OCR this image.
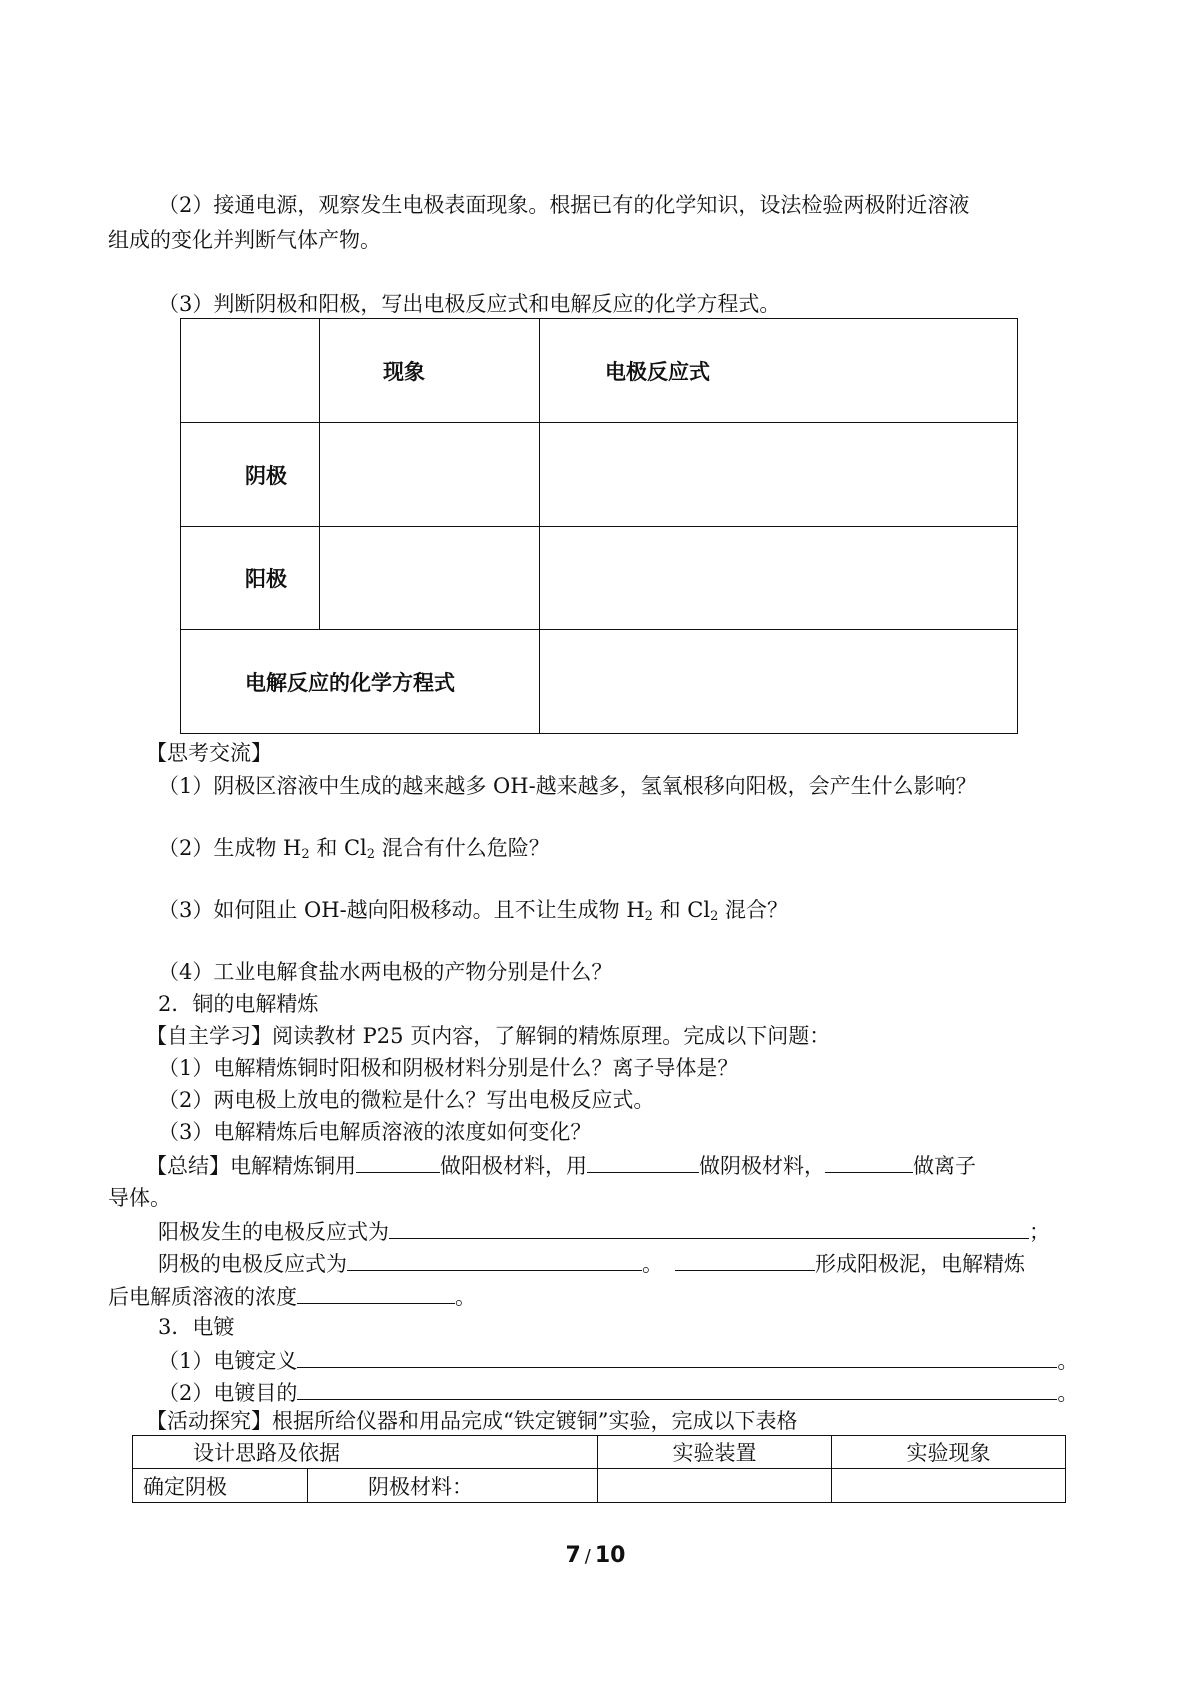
（2）接通电源，观察发生电极表面现象。根据已有的化学知识，设法检验两极附近溶液
组成的变化并判断气体产物。
（3）判断阴极和阳极，写出电极反应式和电解反应的化学方程式。
	现象	电极反应式
阴极		
阳极		
电解反应的化学方程式		
【思考交流】
（1）阴极区溶液中生成的越来越多 OH-越来越多，氢氧根移向阳极，会产生什么影响？
（2）生成物 $H_2$ 和 $Cl_2$ 混合有什么危险？
（3）如何阻止 OH-越向阳极移动。且不让生成物 $H_2$ 和 $Cl_2$ 混合？
（4）工业电解食盐水两电极的产物分别是什么？
2．铜的电解精炼
【自主学习】阅读教材 P25 页内容，了解铜的精炼原理。完成以下问题：
（1）电解精炼铜时阳极和阴极材料分别是什么？离子导体是？
（2）两电极上放电的微粒是什么？写出电极反应式。
（3）电解精炼后电解质溶液的浓度如何变化？
【总结】电解精炼铜用	做阳极材料，用	做阴极材料，	做离子
导体。
阳极发生的电极反应式为	；
阴极的电极反应式为	。	形成阳极泥，电解精炼
后电解质溶液的浓度	。
3．电镀
（1）电镀定义	。
（2）电镀目的	。
【活动探究】根据所给仪器和用品完成“铁定镀铜”实验，完成以下表格
设计思路及依据		实验装置	实验现象
确定阴极	阴极材料：		
7 / 10
